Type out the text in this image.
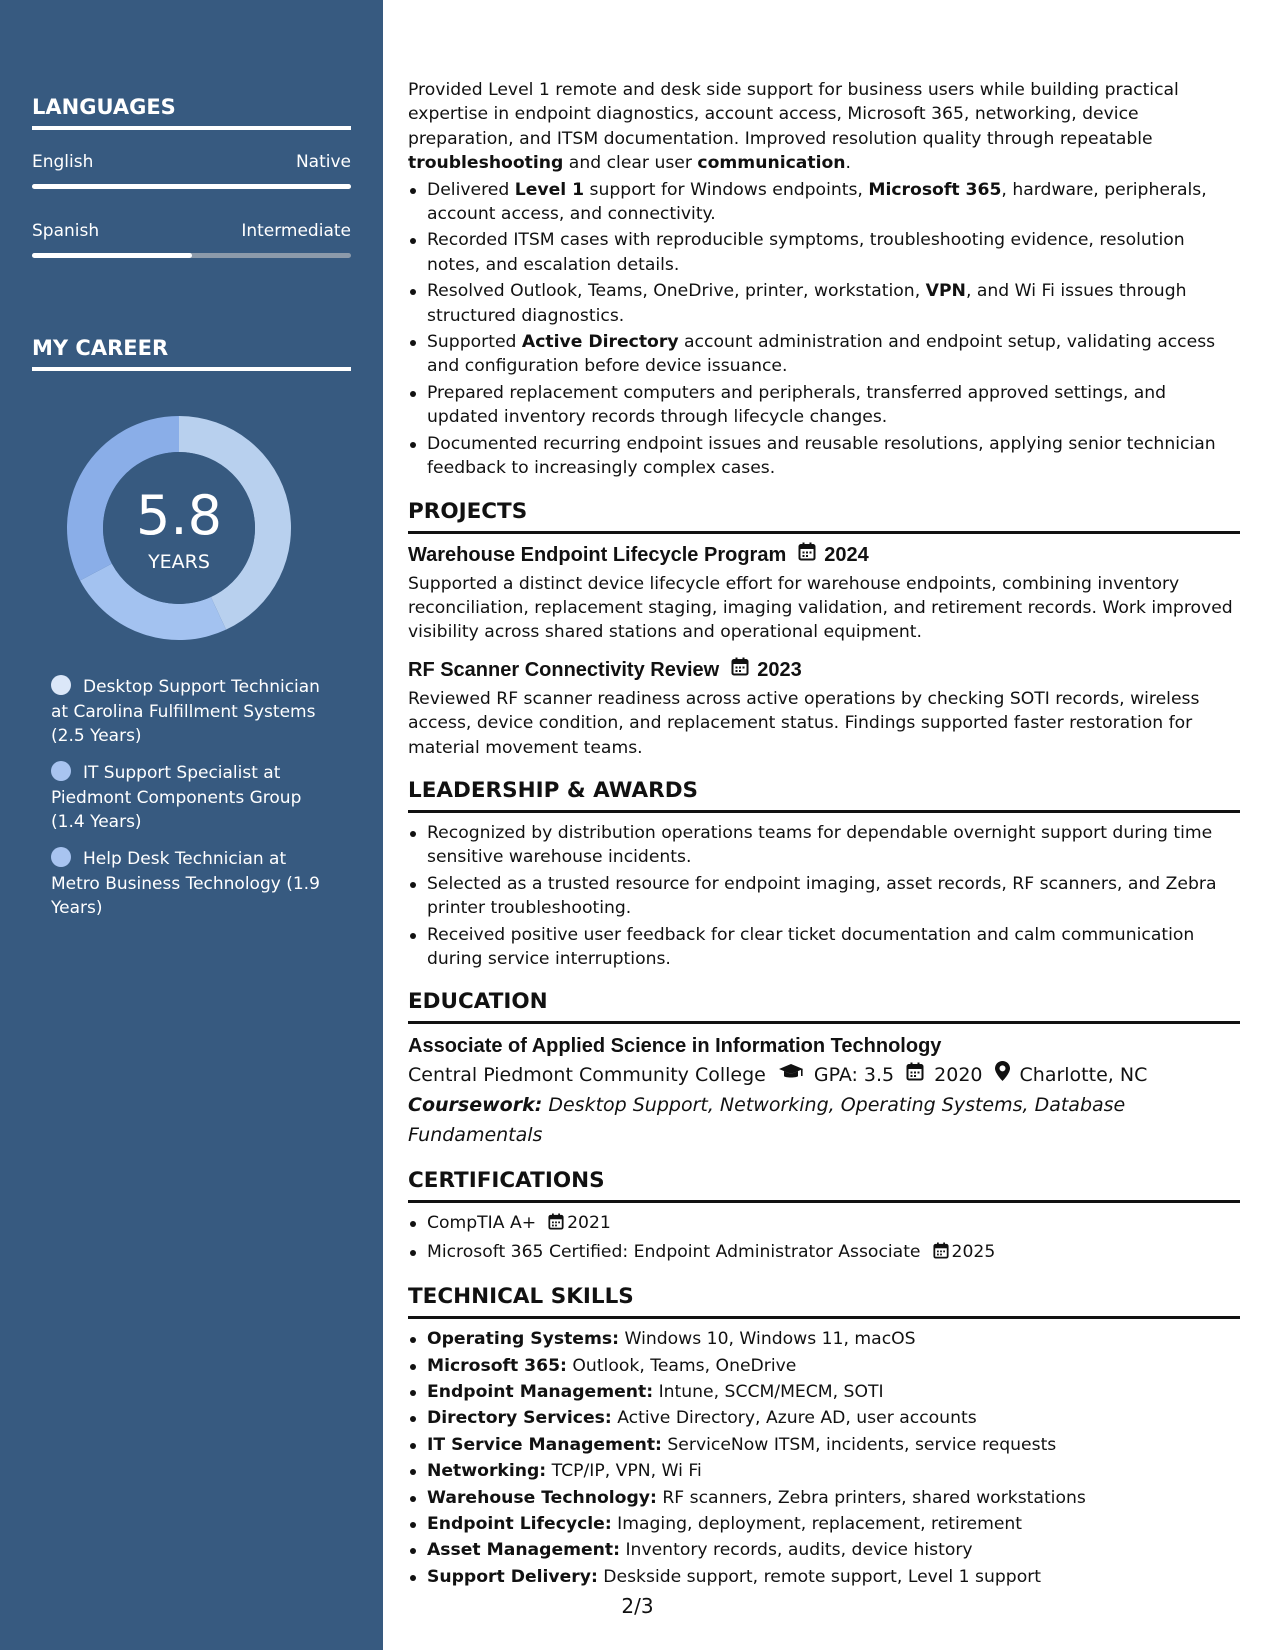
LANGUAGES
English	Native
Spanish	Intermediate
MY CAREER
5.8
YEARS
Desktop Support Technician at Carolina Fulfillment Systems (2.5 Years)
IT Support Specialist at Piedmont Components Group (1.4 Years)
Help Desk Technician at Metro Business Technology (1.9 Years)

Provided Level 1 remote and desk side support for business users while building practical expertise in endpoint diagnostics, account access, Microsoft 365, networking, device preparation, and ITSM documentation. Improved resolution quality through repeatable troubleshooting and clear user communication.

Delivered Level 1 support for Windows endpoints, Microsoft 365, hardware, peripherals, account access, and connectivity.
Recorded ITSM cases with reproducible symptoms, troubleshooting evidence, resolution notes, and escalation details.
Resolved Outlook, Teams, OneDrive, printer, workstation, VPN, and Wi Fi issues through structured diagnostics.
Supported Active Directory account administration and endpoint setup, validating access and configuration before device issuance.
Prepared replacement computers and peripherals, transferred approved settings, and updated inventory records through lifecycle changes.
Documented recurring endpoint issues and reusable resolutions, applying senior technician feedback to increasingly complex cases.
PROJECTS
Warehouse Endpoint Lifecycle Program 2024

Supported a distinct device lifecycle effort for warehouse endpoints, combining inventory reconciliation, replacement staging, imaging validation, and retirement records. Work improved visibility across shared stations and operational equipment.

RF Scanner Connectivity Review 2023

Reviewed RF scanner readiness across active operations by checking SOTI records, wireless access, device condition, and replacement status. Findings supported faster restoration for material movement teams.

LEADERSHIP & AWARDS
Recognized by distribution operations teams for dependable overnight support during time sensitive warehouse incidents.
Selected as a trusted resource for endpoint imaging, asset records, RF scanners, and Zebra printer troubleshooting.
Received positive user feedback for clear ticket documentation and calm communication during service interruptions.
EDUCATION
Associate of Applied Science in Information Technology
Central Piedmont Community College	GPA: 3.5 2020 Charlotte, NC
Coursework: Desktop Support, Networking, Operating Systems, Database Fundamentals
CERTIFICATIONS
CompTIA A+ 2021
Microsoft 365 Certified: Endpoint Administrator Associate 2025
TECHNICAL SKILLS
Operating Systems: Windows 10, Windows 11, macOS
Microsoft 365: Outlook, Teams, OneDrive
Endpoint Management: Intune, SCCM/MECM, SOTI
Directory Services: Active Directory, Azure AD, user accounts
IT Service Management: ServiceNow ITSM, incidents, service requests
Networking: TCP/IP, VPN, Wi Fi
Warehouse Technology: RF scanners, Zebra printers, shared workstations
Endpoint Lifecycle: Imaging, deployment, replacement, retirement
Asset Management: Inventory records, audits, device history
Support Delivery: Deskside support, remote support, Level 1 support
2/3
